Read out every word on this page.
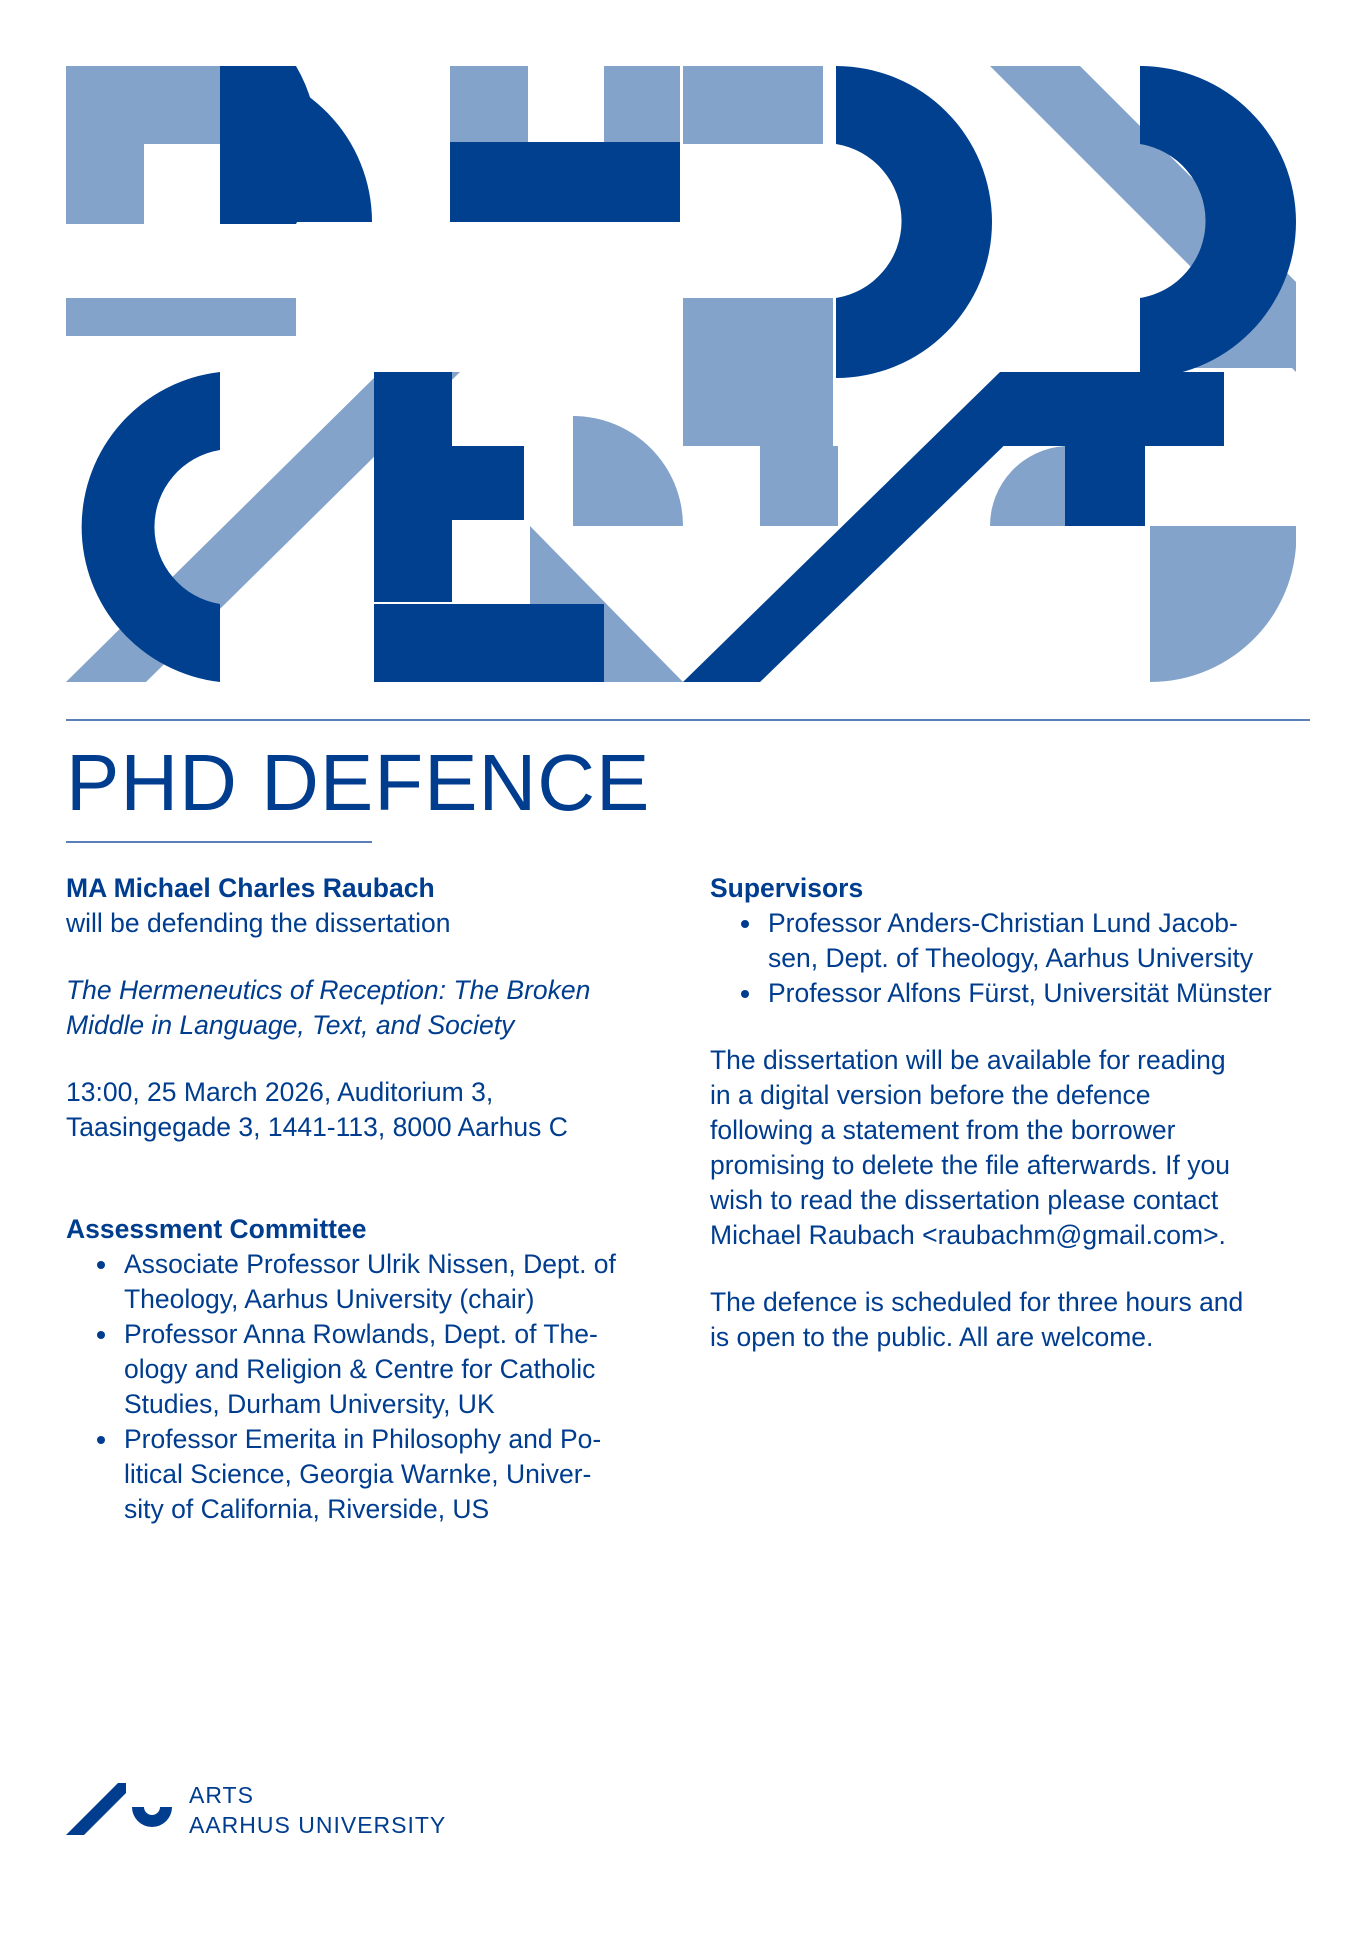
PHD DEFENCE

MA Michael Charles Raubach

will be defending the dissertation

The Hermeneutics of Reception: The Broken

Middle in Language, Text, and Society

13:00, 25 March 2026, Auditorium 3,

Taasingegade 3, 1441-113, 8000 Aarhus C

Assessment Committee

Associate Professor Ulrik Nissen, Dept. of
Theology, Aarhus University (chair)
Professor Anna Rowlands, Dept. of The-
ology and Religion & Centre for Catholic
Studies, Durham University, UK
Professor Emerita in Philosophy and Po-
litical Science, Georgia Warnke, Univer-
sity of California, Riverside, US

Supervisors

Professor Anders-Christian Lund Jacob-
sen, Dept. of Theology, Aarhus University
Professor Alfons Fürst, Universität Münster

The dissertation will be available for reading

in a digital version before the defence

following a statement from the borrower

promising to delete the file afterwards. If you

wish to read the dissertation please contact

Michael Raubach <raubachm@gmail.com>.

The defence is scheduled for three hours and

is open to the public. All are welcome.

ARTS
AARHUS UNIVERSITY
